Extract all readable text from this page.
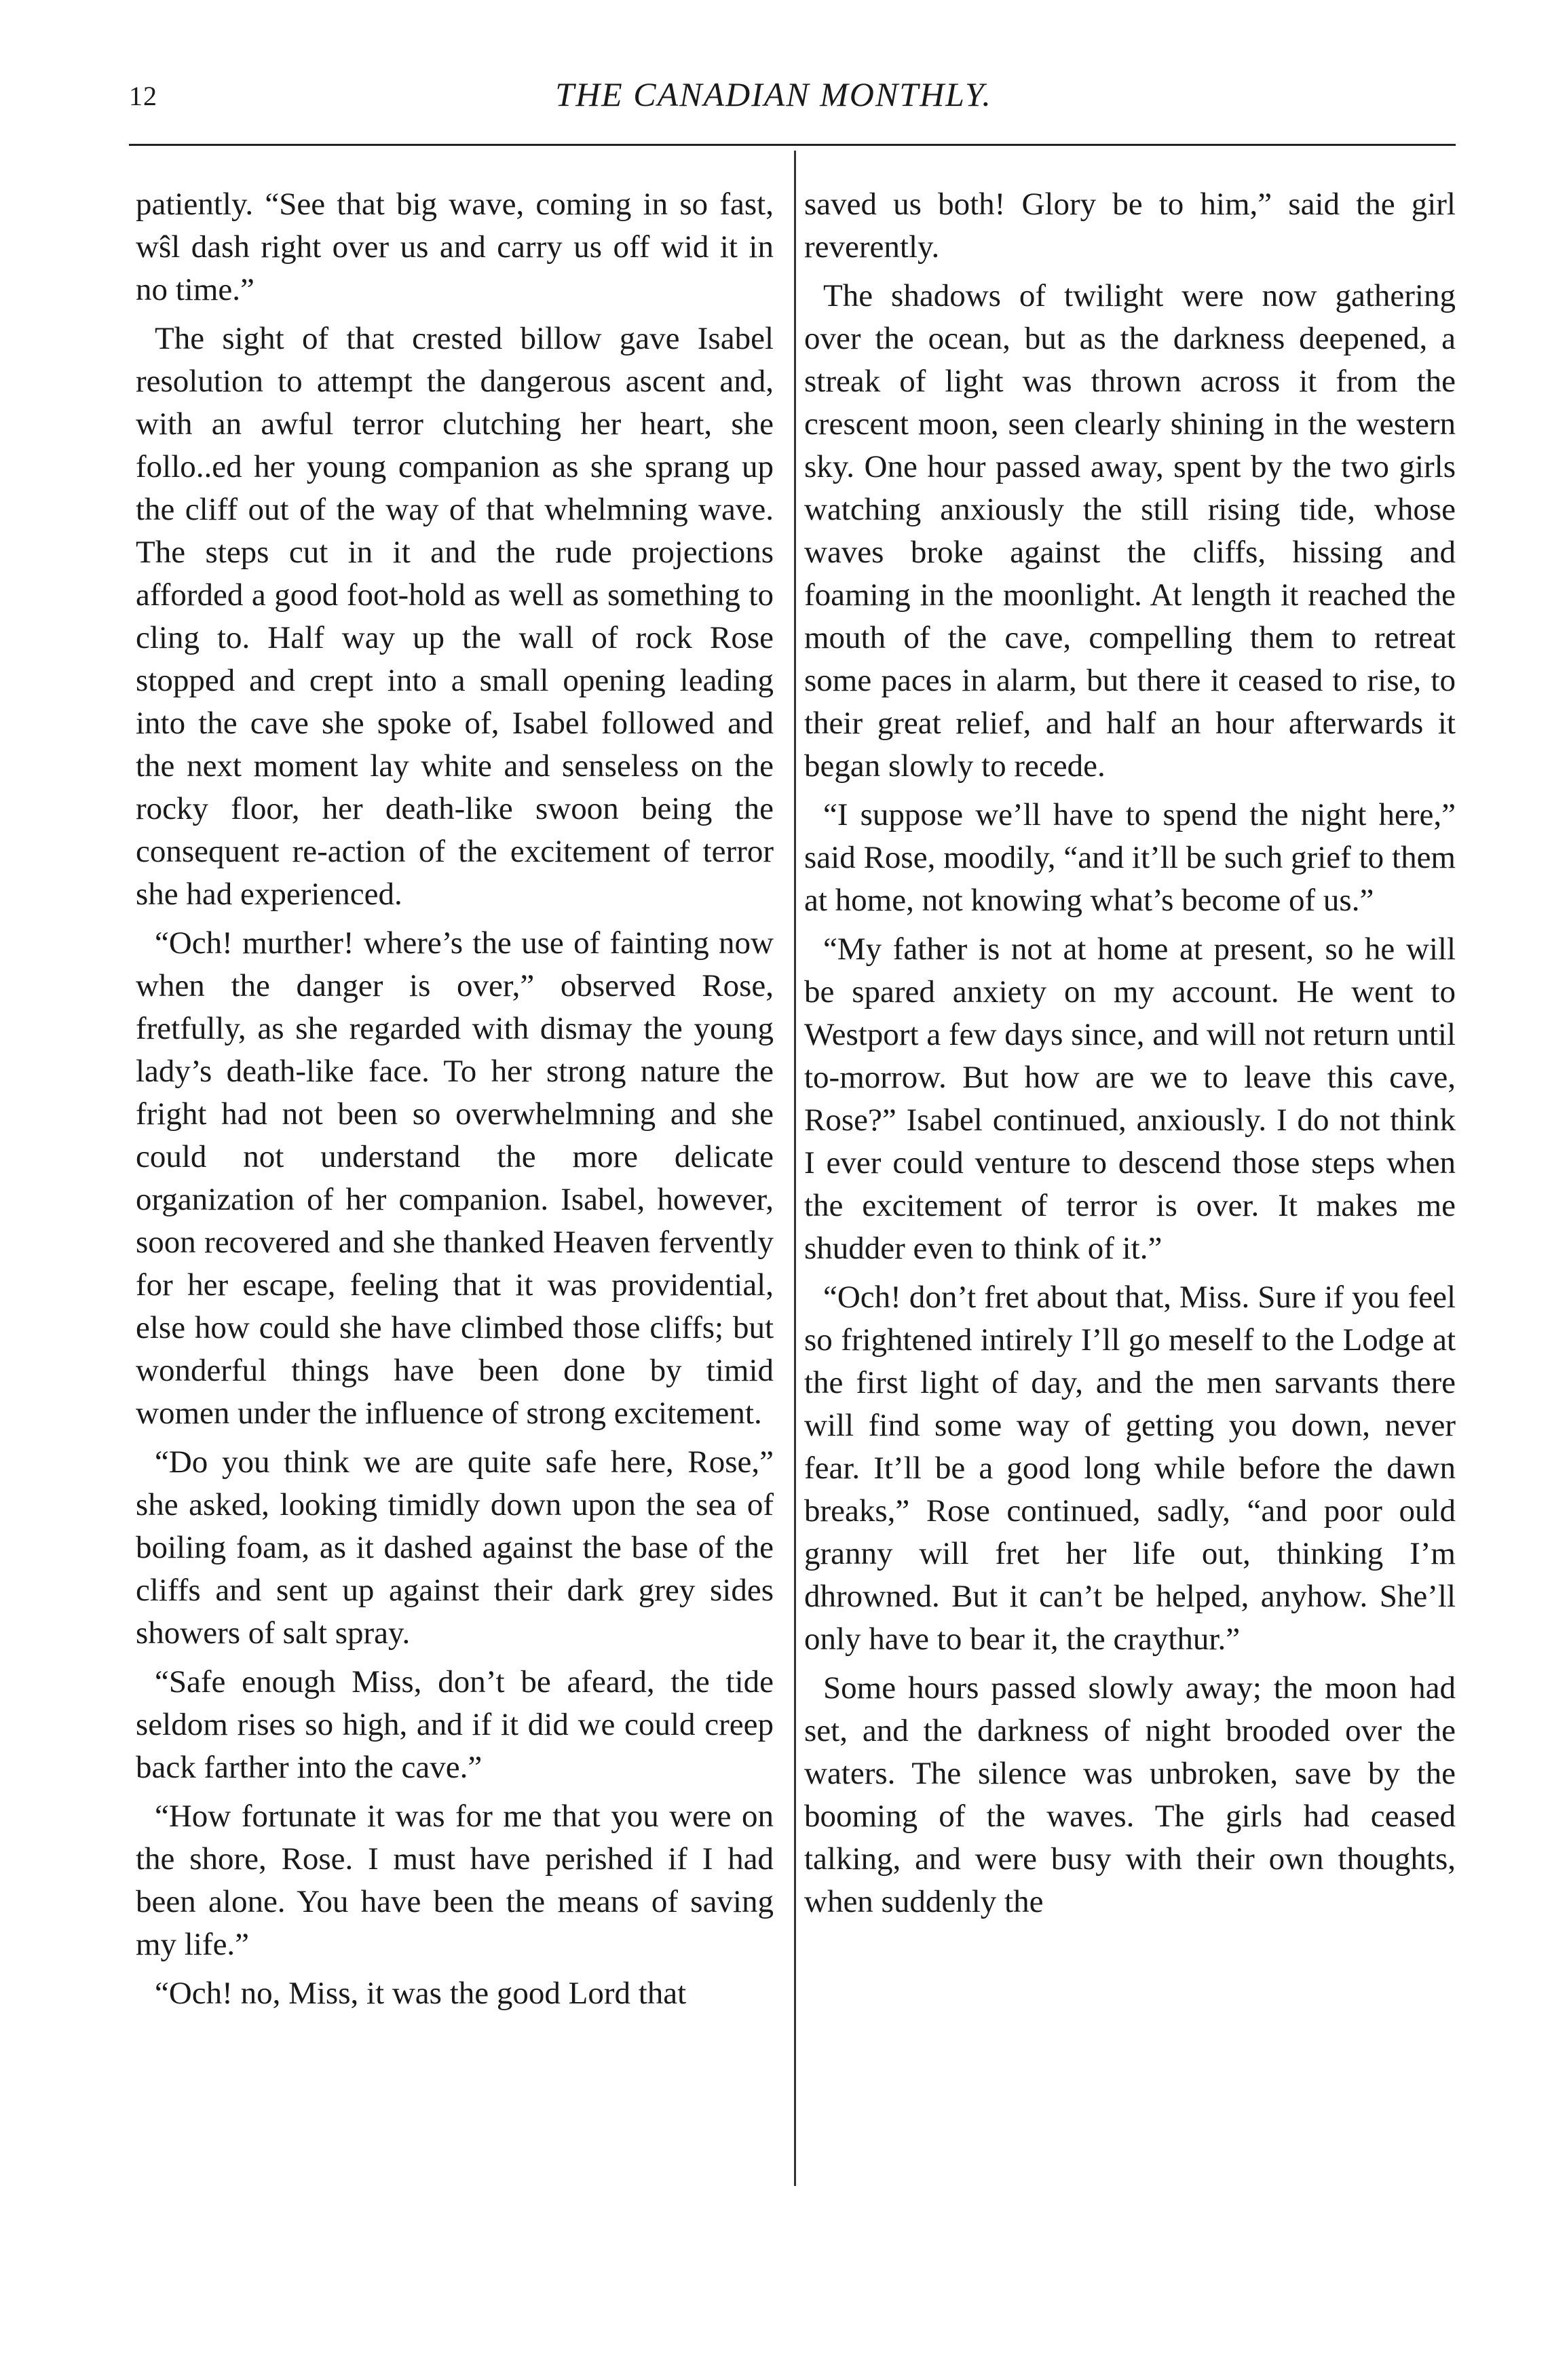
12	THE CANADIAN MONTHLY.

patiently. “See that big wave, coming in so fast, wŝl dash right over us and carry us off wid it in no time.”

The sight of that crested billow gave Isabel resolution to attempt the dangerous ascent and, with an awful terror clutching her heart, she follo..ed her young companion as she sprang up the cliff out of the way of that whelmning wave. The steps cut in it and the rude projections afforded a good foot-hold as well as something to cling to. Half way up the wall of rock Rose stopped and crept into a small opening leading into the cave she spoke of, Isabel followed and the next moment lay white and senseless on the rocky floor, her death-like swoon being the consequent re-action of the excitement of terror she had experienced.

“Och! murther! where’s the use of fainting now when the danger is over,” observed Rose, fretfully, as she regarded with dismay the young lady’s death-like face. To her strong nature the fright had not been so overwhelmning and she could not understand the more delicate organization of her companion. Isabel, however, soon recovered and she thanked Heaven fervently for her escape, feeling that it was providential, else how could she have climbed those cliffs; but wonderful things have been done by timid women under the influence of strong excitement.

“Do you think we are quite safe here, Rose,” she asked, looking timidly down upon the sea of boiling foam, as it dashed against the base of the cliffs and sent up against their dark grey sides showers of salt spray.

“Safe enough Miss, don’t be afeard, the tide seldom rises so high, and if it did we could creep back farther into the cave.”

“How fortunate it was for me that you were on the shore, Rose. I must have perished if I had been alone. You have been the means of saving my life.”

“Och! no, Miss, it was the good Lord that

saved us both! Glory be to him,” said the girl reverently.

The shadows of twilight were now gathering over the ocean, but as the darkness deepened, a streak of light was thrown across it from the crescent moon, seen clearly shining in the western sky. One hour passed away, spent by the two girls watching anxiously the still rising tide, whose waves broke against the cliffs, hissing and foaming in the moonlight. At length it reached the mouth of the cave, compelling them to retreat some paces in alarm, but there it ceased to rise, to their great relief, and half an hour afterwards it began slowly to recede.

“I suppose we’ll have to spend the night here,” said Rose, moodily, “and it’ll be such grief to them at home, not knowing what’s become of us.”

“My father is not at home at present, so he will be spared anxiety on my account. He went to Westport a few days since, and will not return until to-morrow. But how are we to leave this cave, Rose?” Isabel continued, anxiously. I do not think I ever could venture to descend those steps when the excitement of terror is over. It makes me shudder even to think of it.”

“Och! don’t fret about that, Miss. Sure if you feel so frightened intirely I’ll go meself to the Lodge at the first light of day, and the men sarvants there will find some way of getting you down, never fear. It’ll be a good long while before the dawn breaks,” Rose continued, sadly, “and poor ould granny will fret her life out, thinking I’m dhrowned. But it can’t be helped, anyhow. She’ll only have to bear it, the craythur.”

Some hours passed slowly away; the moon had set, and the darkness of night brooded over the waters. The silence was unbroken, save by the booming of the waves. The girls had ceased talking, and were busy with their own thoughts, when suddenly the
